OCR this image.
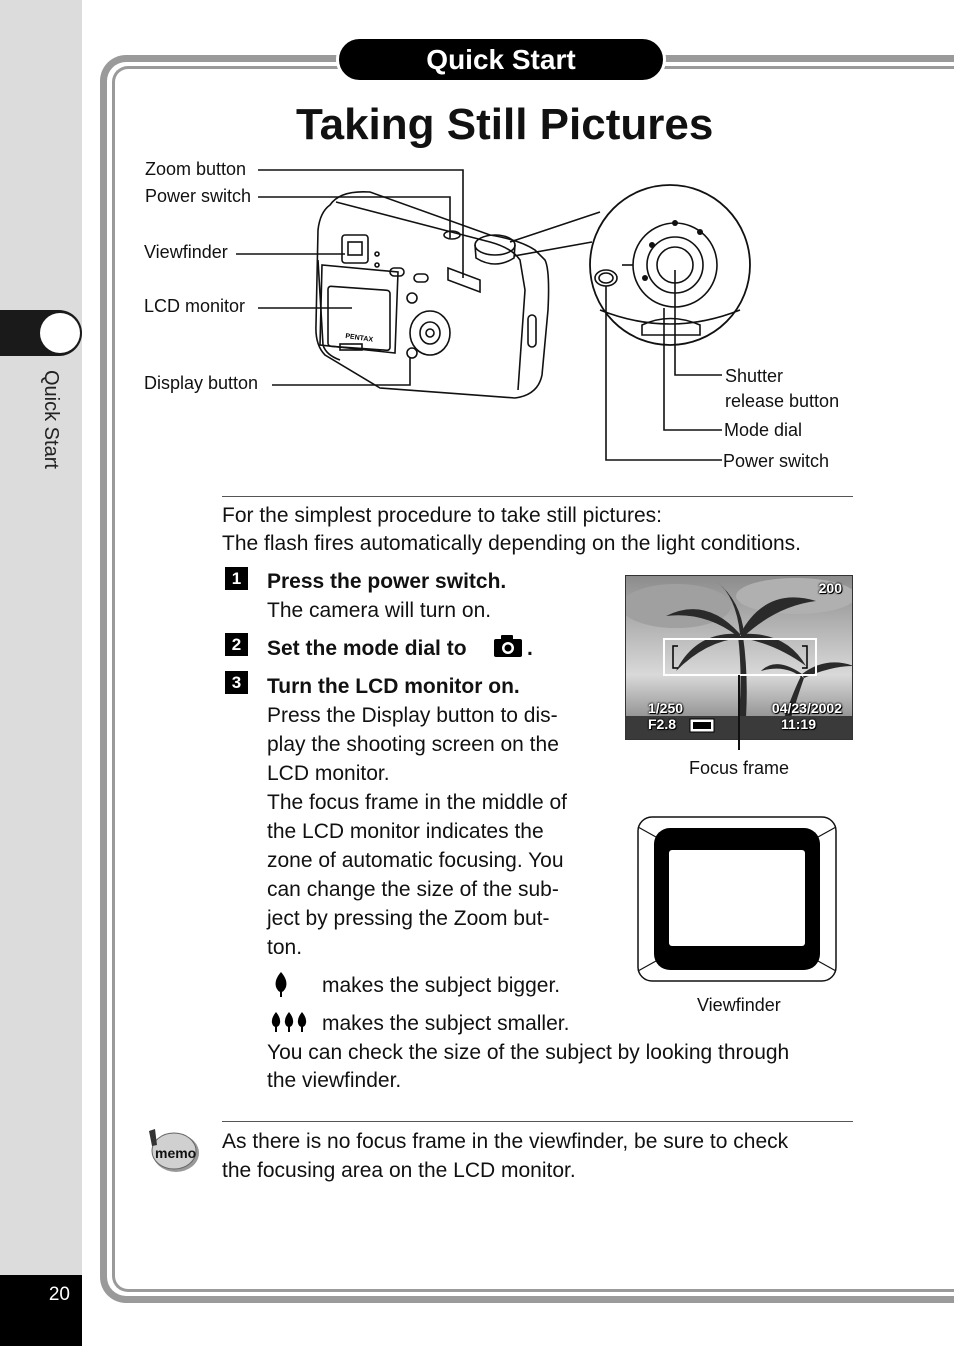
Quick Start
20
Quick Start
Taking Still Pictures
PENTAX
Zoom button
Power switch
Viewfinder
LCD monitor
Display button	Shutter
release button
Mode dial
Power switch
For the simplest procedure to take still pictures:
The flash fires automatically depending on the light conditions.
1	Press the power switch.
The camera will turn on.
2	Set the mode dial to	.
3	Turn the LCD monitor on.
Press the Display button to dis-
play the shooting screen on the
LCD monitor.
The focus frame in the middle of
the LCD monitor indicates the
zone of automatic focusing. You
can change the size of the sub-
ject by pressing the Zoom but-
ton.
makes the subject bigger.
makes the subject smaller.
You can check the size of the subject by looking through
the viewfinder.
200
1/250
F2.8
04/23/2002
11:19
Focus frame
Viewfinder
memo As there is no focus frame in the viewfinder, be sure to check
the focusing area on the LCD monitor.
